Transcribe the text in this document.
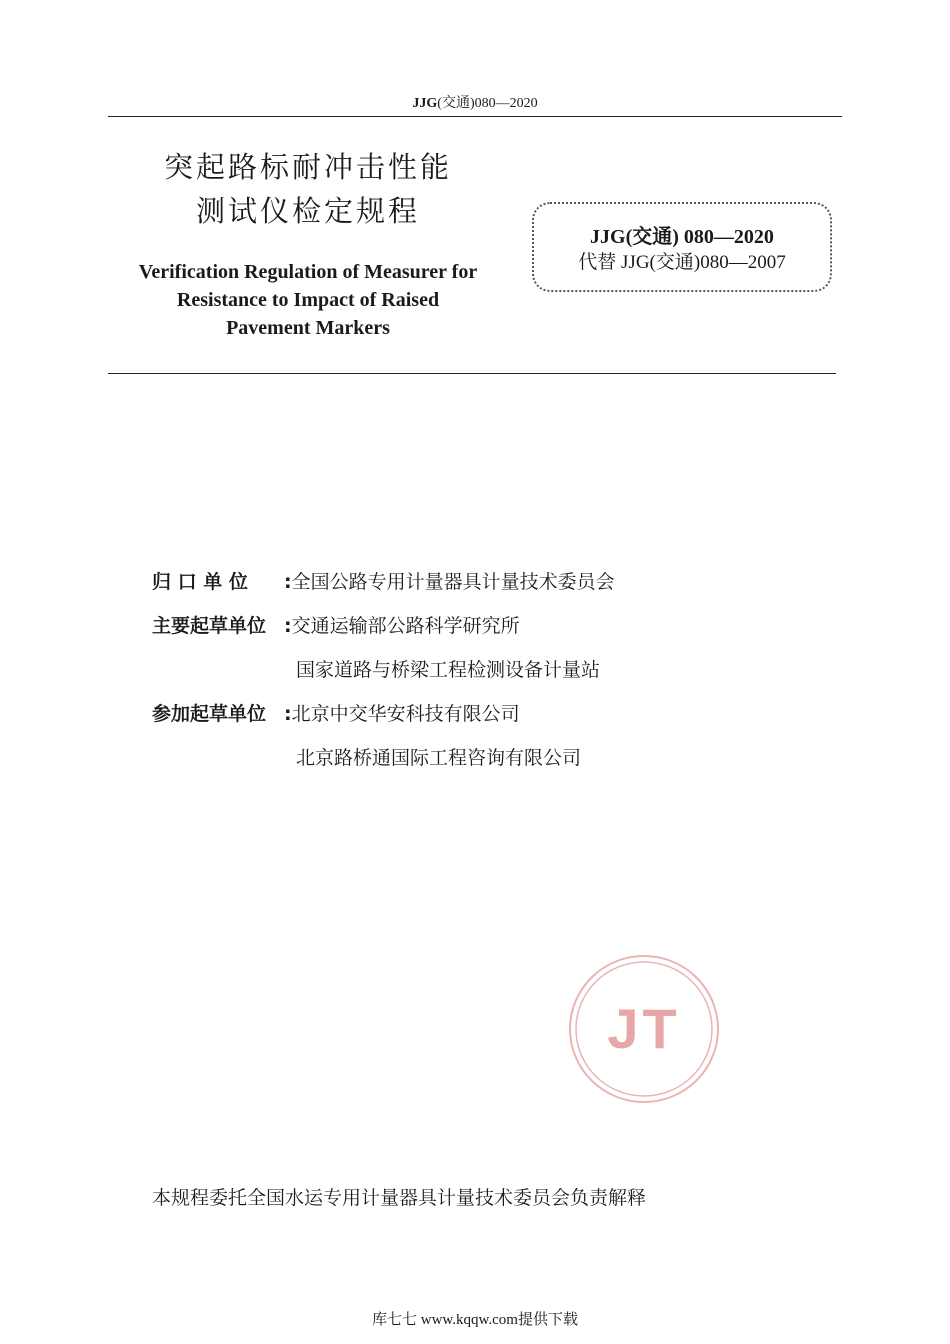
JJG(交通)080—2020
突起路标耐冲击性能
测试仪检定规程
Verification Regulation of Measurer for
Resistance to Impact of Raised
Pavement Markers
JJG(交通) 080—2020
代替 JJG(交通)080—2007
归 口 单 位 :全国公路专用计量器具计量技术委员会
主要起草单位 :交通运输部公路科学研究所
国家道路与桥梁工程检测设备计量站
参加起草单位 :北京中交华安科技有限公司
北京路桥通国际工程咨询有限公司
JT
本规程委托全国水运专用计量器具计量技术委员会负责解释
库七七 www.kqqw.com提供下载
